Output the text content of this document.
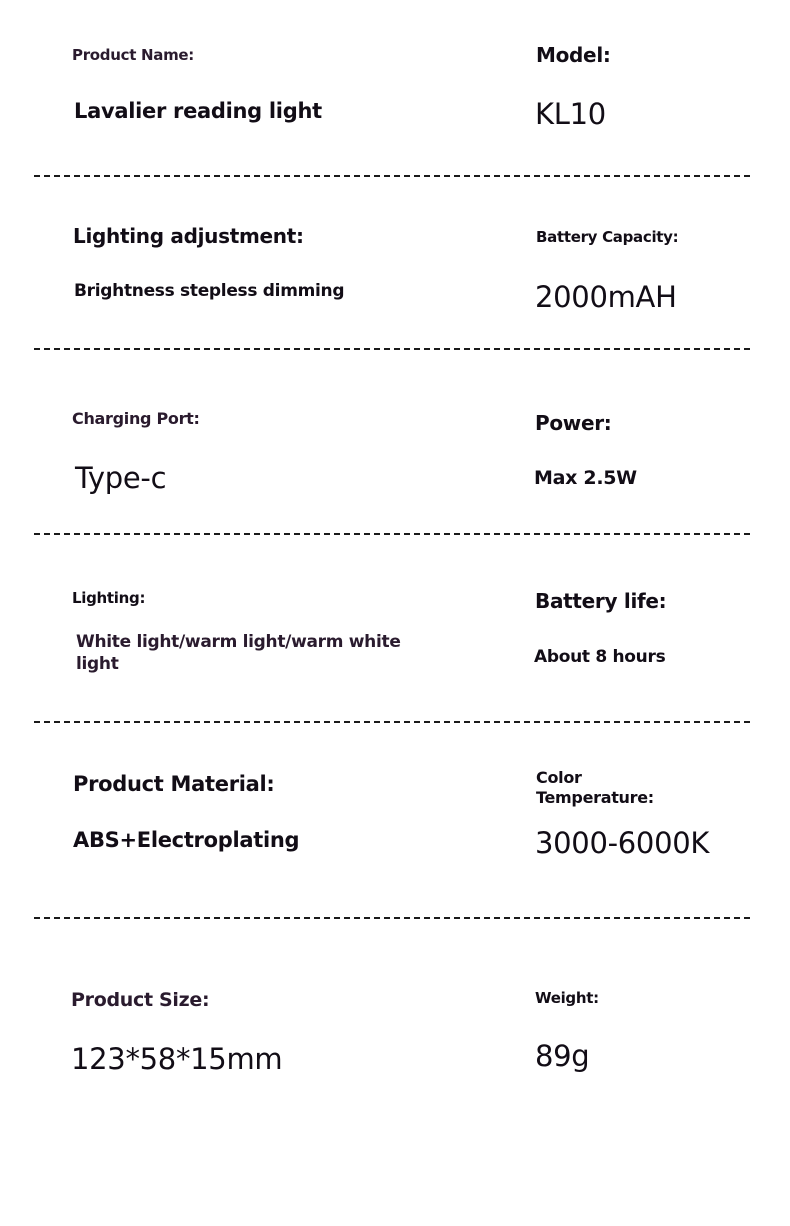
Product Name:
Lavalier reading light
Model:
KL10
Lighting adjustment:
Brightness stepless dimming
Battery Capacity:
2000mAH
Charging Port:
Type-c
Power:
Max 2.5W
Lighting:
White light/warm light/warm white
light
Battery life:
About 8 hours
Product Material:
ABS+Electroplating
Color
Temperature:
3000-6000K
Product Size:
123*58*15mm
Weight:
89g
